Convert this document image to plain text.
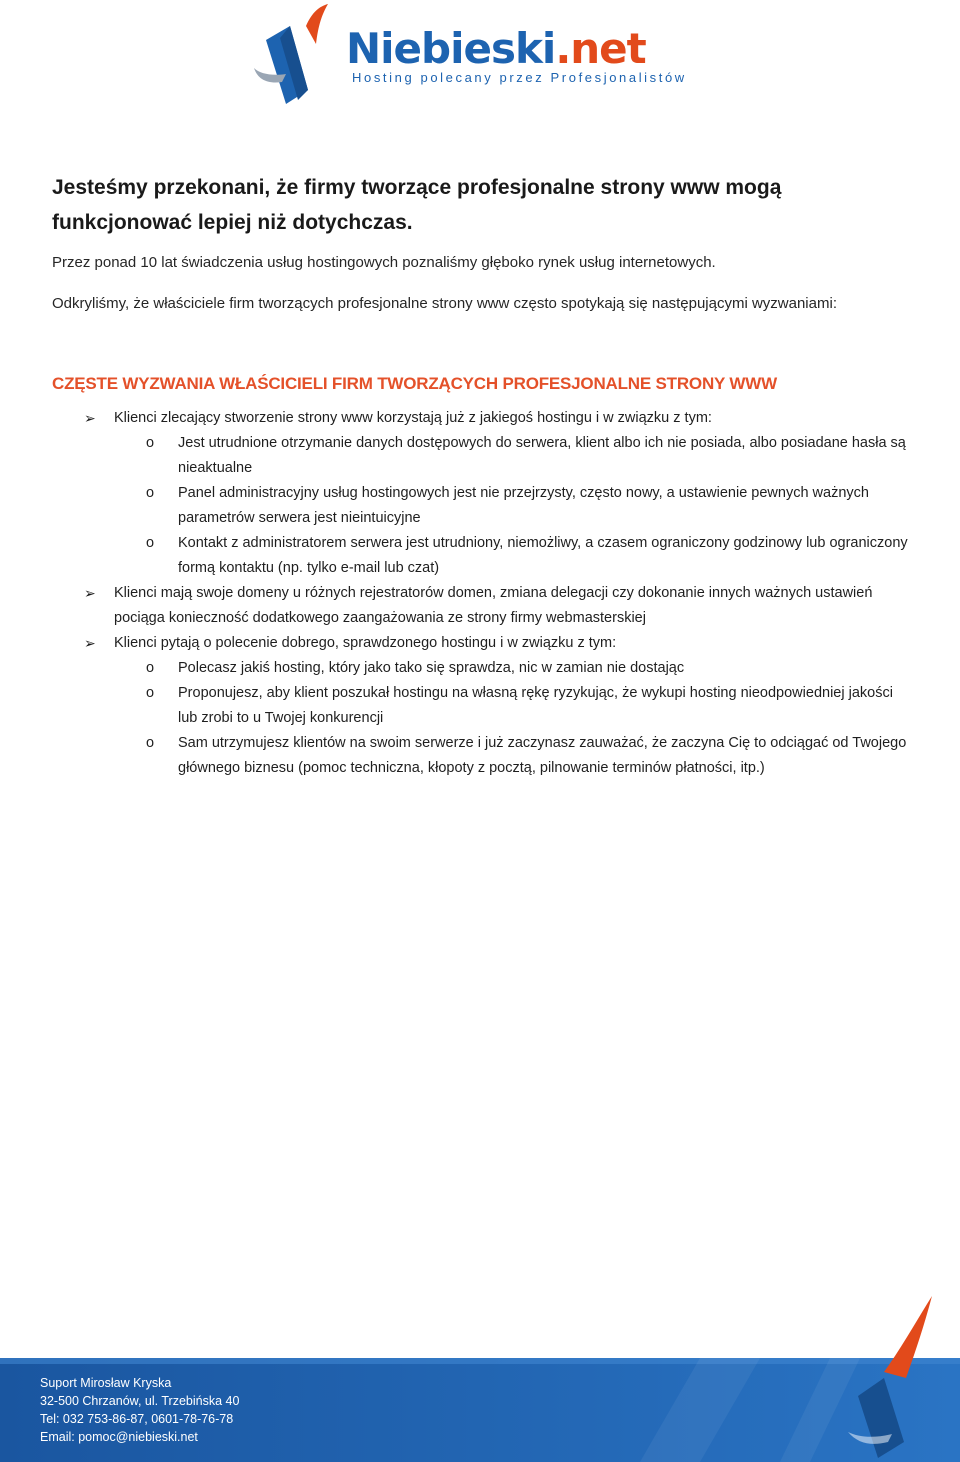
Niebieski.net
Hosting polecany przez Profesjonalistów
Jesteśmy przekonani, że firmy tworzące profesjonalne strony www mogą funkcjonować lepiej niż dotychczas.

Przez ponad 10 lat świadczenia usług hostingowych poznaliśmy głęboko rynek usług internetowych.

Odkryliśmy, że właściciele firm tworzących profesjonalne strony www często spotykają się następującymi wyzwaniami:

CZĘSTE WYZWANIA WŁAŚCICIELI FIRM TWORZĄCYCH PROFESJONALNE STRONY WWW
➢ Klienci zlecający stworzenie strony www korzystają już z jakiegoś hostingu i w związku z tym:
o Jest utrudnione otrzymanie danych dostępowych do serwera, klient albo ich nie posiada, albo posiadane hasła są nieaktualne
o Panel administracyjny usług hostingowych jest nie przejrzysty, często nowy, a ustawienie pewnych ważnych parametrów serwera jest nieintuicyjne
o Kontakt z administratorem serwera jest utrudniony, niemożliwy, a czasem ograniczony godzinowy lub ograniczony formą kontaktu (np. tylko e-mail lub czat)
➢ Klienci mają swoje domeny u różnych rejestratorów domen, zmiana delegacji czy dokonanie innych ważnych ustawień pociąga konieczność dodatkowego zaangażowania ze strony firmy webmasterskiej
➢ Klienci pytają o polecenie dobrego, sprawdzonego hostingu i w związku z tym:
o Polecasz jakiś hosting, który jako tako się sprawdza, nic w zamian nie dostając
o Proponujesz, aby klient poszukał hostingu na własną rękę ryzykując, że wykupi hosting nieodpowiedniej jakości lub zrobi to u Twojej konkurencji
o Sam utrzymujesz klientów na swoim serwerze i już zaczynasz zauważać, że zaczyna Cię to odciągać od Twojego głównego biznesu (pomoc techniczna, kłopoty z pocztą, pilnowanie terminów płatności, itp.)
Suport Mirosław Kryska
32-500 Chrzanów, ul. Trzebińska 40
Tel: 032 753-86-87, 0601-78-76-78
Email: pomoc@niebieski.net
